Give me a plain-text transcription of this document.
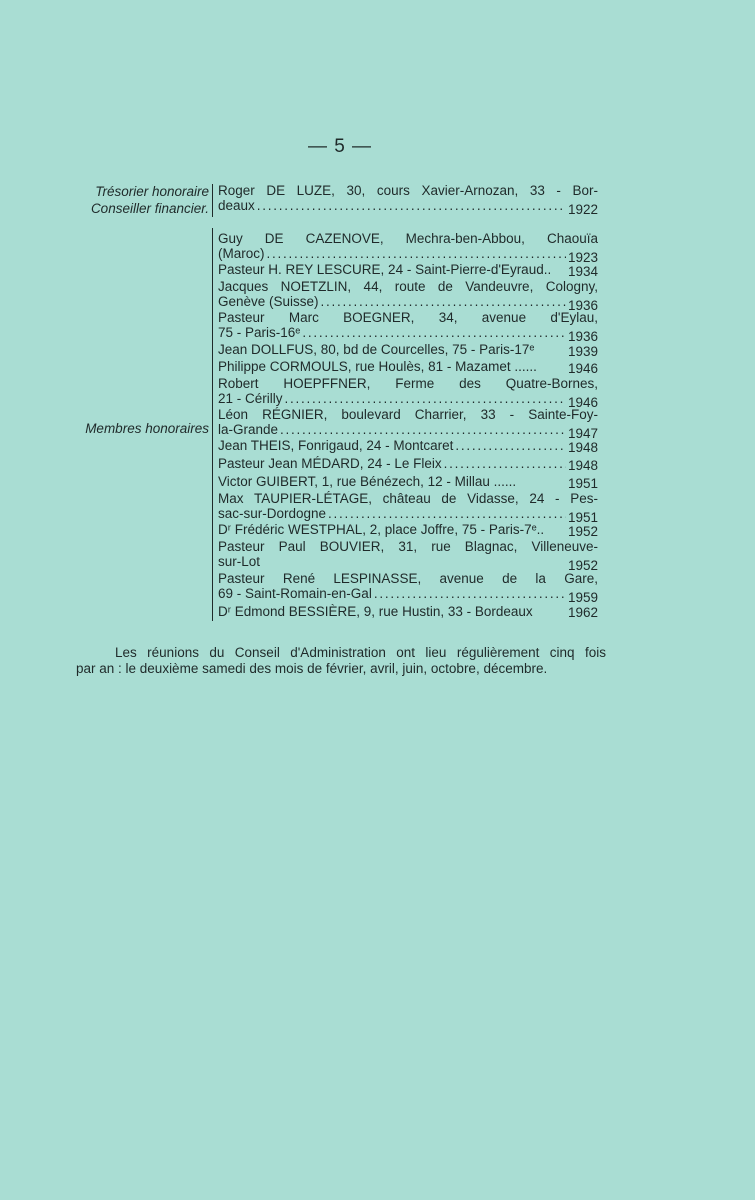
— 5 —
Trésorier honoraire
Conseiller financier.
Roger DE LUZE, 30, cours Xavier-Arnozan, 33 - Bor-
deaux . . .	1922
Membres honoraires
Guy DE CAZENOVE, Mechra-ben-Abbou, Chaouïa
(Maroc) . . .	1923
Pasteur H. REY LESCURE, 24 - Saint-Pierre-d'Eyraud.. 1934
Jacques NOETZLIN, 44, route de Vandeuvre, Cologny,
Genève (Suisse) . . .	1936
Pasteur Marc BOEGNER, 34, avenue d'Eylau,
75 - Paris-16ᵉ . . .	1936
Jean DOLLFUS, 80, bd de Courcelles, 75 - Paris-17ᵉ 1939
Philippe CORMOULS, rue Houlès, 81 - Mazamet ...... 1946
Robert HOEPFFNER, Ferme des Quatre-Bornes,
21 - Cérilly . . .	1946
Léon RÉGNIER, boulevard Charrier, 33 - Sainte-Foy-
la-Grande . . .	1947
Jean THEIS, Fonrigaud, 24 - Montcaret . . .	1948
Pasteur Jean MÉDARD, 24 - Le Fleix . . .	1948
Victor GUIBERT, 1, rue Bénézech, 12 - Millau ......	1951
Max TAUPIER-LÉTAGE, château de Vidasse, 24 - Pes-
sac-sur-Dordogne . . .	1951
Dʳ Frédéric WESTPHAL, 2, place Joffre, 75 - Paris-7ᵉ.. 1952
Pasteur Paul BOUVIER, 31, rue Blagnac, Villeneuve-
sur-Lot	1952
Pasteur René LESPINASSE, avenue de la Gare,
69 - Saint-Romain-en-Gal . . .	1959
Dʳ Edmond BESSIÈRE, 9, rue Hustin, 33 - Bordeaux	1962
Les réunions du Conseil d'Administration ont lieu régulièrement cinq fois
par an : le deuxième samedi des mois de février, avril, juin, octobre, décembre.
